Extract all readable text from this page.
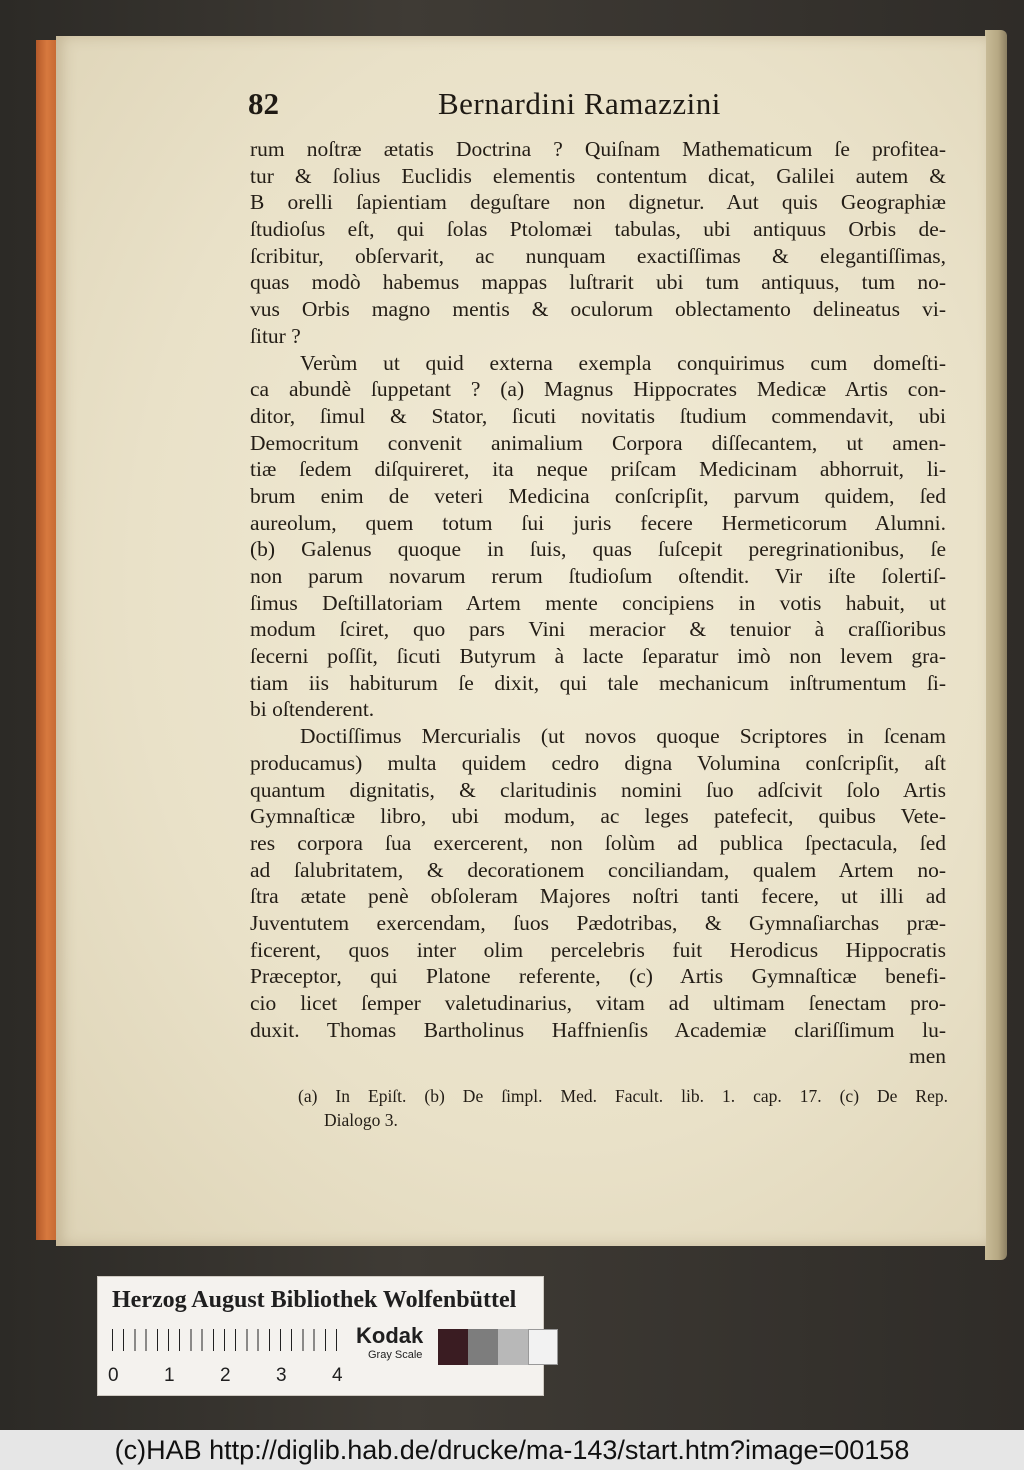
82	Bernardini Ramazzini
rum noſtræ ætatis Doctrina ? Quiſnam Mathematicum ſe profitea-
tur & ſolius Euclidis elementis contentum dicat, Galilei autem &
B orelli ſapientiam deguſtare non dignetur. Aut quis Geographiæ
ſtudioſus eſt, qui ſolas Ptolomæi tabulas, ubi antiquus Orbis de-
ſcribitur, obſervarit, ac nunquam exactiſſimas & elegantiſſimas,
quas modò habemus mappas luſtrarit ubi tum antiquus, tum no-
vus Orbis magno mentis & oculorum oblectamento delineatus vi-
ſitur ?
Verùm ut quid externa exempla conquirimus cum domeſti-
ca abundè ſuppetant ? (a) Magnus Hippocrates Medicæ Artis con-
ditor, ſimul & Stator, ſicuti novitatis ſtudium commendavit, ubi
Democritum convenit animalium Corpora diſſecantem, ut amen-
tiæ ſedem diſquireret, ita neque priſcam Medicinam abhorruit, li-
brum enim de veteri Medicina conſcripſit, parvum quidem, ſed
aureolum, quem totum ſui juris fecere Hermeticorum Alumni.
(b) Galenus quoque in ſuis, quas ſuſcepit peregrinationibus, ſe
non parum novarum rerum ſtudioſum oſtendit. Vir iſte ſolertiſ-
ſimus Deſtillatoriam Artem mente concipiens in votis habuit, ut
modum ſciret, quo pars Vini meracior & tenuior à craſſioribus
ſecerni poſſit, ſicuti Butyrum à lacte ſeparatur imò non levem gra-
tiam iis habiturum ſe dixit, qui tale mechanicum inſtrumentum ſi-
bi oſtenderent.
Doctiſſimus Mercurialis (ut novos quoque Scriptores in ſcenam
producamus) multa quidem cedro digna Volumina conſcripſit, aſt
quantum dignitatis, & claritudinis nomini ſuo adſcivit ſolo Artis
Gymnaſticæ libro, ubi modum, ac leges patefecit, quibus Vete-
res corpora ſua exercerent, non ſolùm ad publica ſpectacula, ſed
ad ſalubritatem, & decorationem conciliandam, qualem Artem no-
ſtra ætate penè obſoleram Majores noſtri tanti fecere, ut illi ad
Juventutem exercendam, ſuos Pædotribas, & Gymnaſiarchas præ-
ficerent, quos inter olim percelebris fuit Herodicus Hippocratis
Præceptor, qui Platone referente, (c) Artis Gymnaſticæ benefi-
cio licet ſemper valetudinarius, vitam ad ultimam ſenectam pro-
duxit. Thomas Bartholinus Haffnienſis Academiæ clariſſimum lu-
men
(a) In Epiſt. (b) De ſimpl. Med. Facult. lib. 1. cap. 17. (c) De Rep.
Dialogo 3.
Herzog August Bibliothek Wolfenbüttel
0 1 2 3 4
Kodak
Gray Scale
(c)HAB http://diglib.hab.de/drucke/ma-143/start.htm?image=00158
